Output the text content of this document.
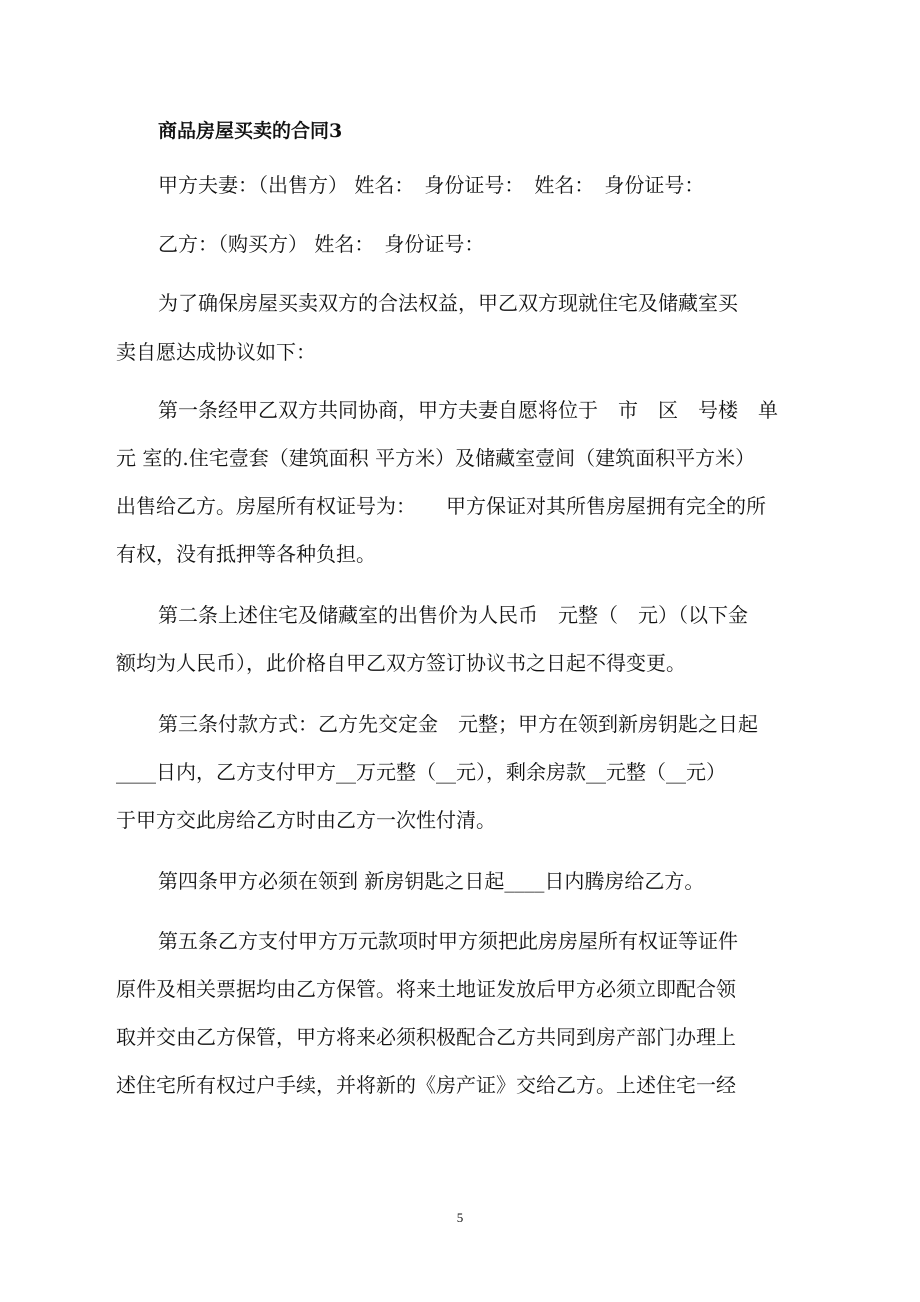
商品房屋买卖的合同3
甲方夫妻：（出售方） 姓名：　身份证号：　姓名：　身份证号：
乙方：（购买方） 姓名：　身份证号：
为了确保房屋买卖双方的合法权益，甲乙双方现就住宅及储藏室买
卖自愿达成协议如下：
第一条经甲乙双方共同协商，甲方夫妻自愿将位于　市　区　号楼　单
元 室的.住宅壹套（建筑面积 平方米）及储藏室壹间（建筑面积平方米）
出售给乙方。房屋所有权证号为：　　甲方保证对其所售房屋拥有完全的所
有权，没有抵押等各种负担。
第二条上述住宅及储藏室的出售价为人民币　元整（　元）（以下金
额均为人民币），此价格自甲乙双方签订协议书之日起不得变更。
第三条付款方式：乙方先交定金　元整；甲方在领到新房钥匙之日起
____日内，乙方支付甲方__万元整（__元），剩余房款__元整（__元）
于甲方交此房给乙方时由乙方一次性付清。
第四条甲方必须在领到 新房钥匙之日起____日内腾房给乙方。
第五条乙方支付甲方万元款项时甲方须把此房房屋所有权证等证件
原件及相关票据均由乙方保管。将来土地证发放后甲方必须立即配合领
取并交由乙方保管，甲方将来必须积极配合乙方共同到房产部门办理上
述住宅所有权过户手续，并将新的《房产证》交给乙方。上述住宅一经
5
